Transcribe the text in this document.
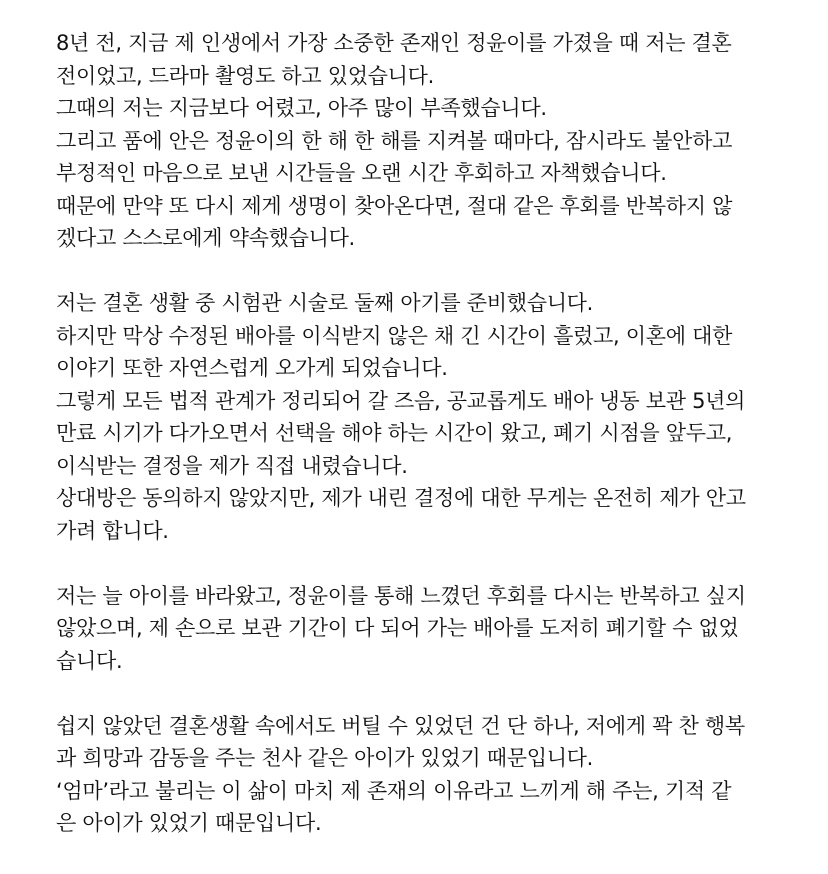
8년 전, 지금 제 인생에서 가장 소중한 존재인 정윤이를 가졌을 때 저는 결혼
전이었고, 드라마 촬영도 하고 있었습니다.
그때의 저는 지금보다 어렸고, 아주 많이 부족했습니다.
그리고 품에 안은 정윤이의 한 해 한 해를 지켜볼 때마다, 잠시라도 불안하고
부정적인 마음으로 보낸 시간들을 오랜 시간 후회하고 자책했습니다.
때문에 만약 또 다시 제게 생명이 찾아온다면, 절대 같은 후회를 반복하지 않
겠다고 스스로에게 약속했습니다.
저는 결혼 생활 중 시험관 시술로 둘째 아기를 준비했습니다.
하지만 막상 수정된 배아를 이식받지 않은 채 긴 시간이 흘렀고, 이혼에 대한
이야기 또한 자연스럽게 오가게 되었습니다.
그렇게 모든 법적 관계가 정리되어 갈 즈음, 공교롭게도 배아 냉동 보관 5년의
만료 시기가 다가오면서 선택을 해야 하는 시간이 왔고, 폐기 시점을 앞두고,
이식받는 결정을 제가 직접 내렸습니다.
상대방은 동의하지 않았지만, 제가 내린 결정에 대한 무게는 온전히 제가 안고
가려 합니다.
저는 늘 아이를 바라왔고, 정윤이를 통해 느꼈던 후회를 다시는 반복하고 싶지
않았으며, 제 손으로 보관 기간이 다 되어 가는 배아를 도저히 폐기할 수 없었
습니다.
쉽지 않았던 결혼생활 속에서도 버틸 수 있었던 건 단 하나, 저에게 꽉 찬 행복
과 희망과 감동을 주는 천사 같은 아이가 있었기 때문입니다.
‘엄마’라고 불리는 이 삶이 마치 제 존재의 이유라고 느끼게 해 주는, 기적 같
은 아이가 있었기 때문입니다.
